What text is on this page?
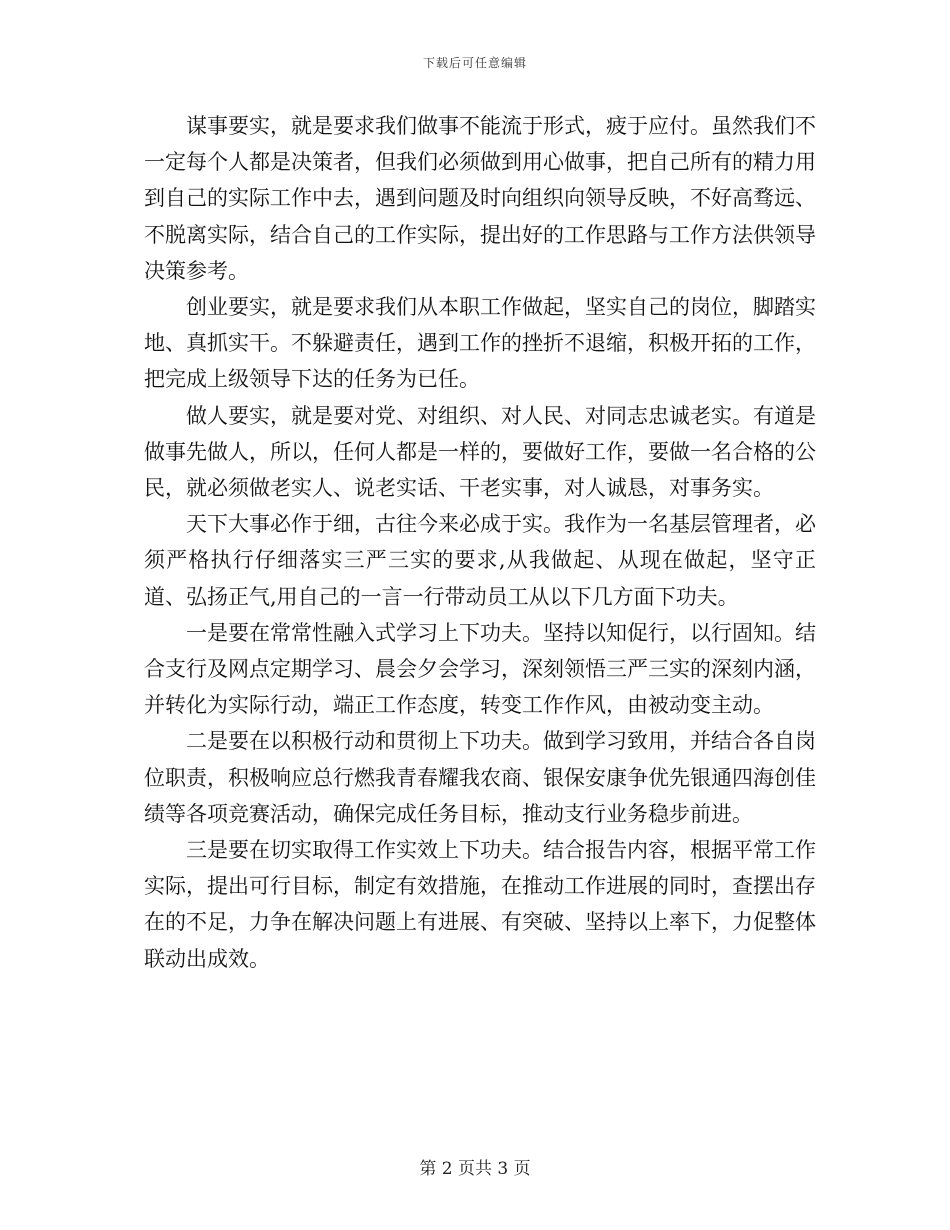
下载后可任意编辑

谋事要实，就是要求我们做事不能流于形式，疲于应付。虽然我们不一定每个人都是决策者，但我们必须做到用心做事，把自己所有的精力用到自己的实际工作中去，遇到问题及时向组织向领导反映，不好高骛远、不脱离实际，结合自己的工作实际，提出好的工作思路与工作方法供领导决策参考。

创业要实，就是要求我们从本职工作做起，坚实自己的岗位，脚踏实地、真抓实干。不躲避责任，遇到工作的挫折不退缩，积极开拓的工作，把完成上级领导下达的任务为已任。

做人要实，就是要对党、对组织、对人民、对同志忠诚老实。有道是做事先做人，所以，任何人都是一样的，要做好工作，要做一名合格的公民，就必须做老实人、说老实话、干老实事，对人诚恳，对事务实。

天下大事必作于细，古往今来必成于实。我作为一名基层管理者，必须严格执行仔细落实三严三实的要求,从我做起、从现在做起，坚守正道、弘扬正气,用自己的一言一行带动员工从以下几方面下功夫。

一是要在常常性融入式学习上下功夫。坚持以知促行，以行固知。结合支行及网点定期学习、晨会夕会学习，深刻领悟三严三实的深刻内涵，并转化为实际行动，端正工作态度，转变工作作风，由被动变主动。

二是要在以积极行动和贯彻上下功夫。做到学习致用，并结合各自岗位职责，积极响应总行燃我青春耀我农商、银保安康争优先银通四海创佳绩等各项竞赛活动，确保完成任务目标，推动支行业务稳步前进。

三是要在切实取得工作实效上下功夫。结合报告内容，根据平常工作实际，提出可行目标，制定有效措施，在推动工作进展的同时，查摆出存在的不足，力争在解决问题上有进展、有突破、坚持以上率下，力促整体联动出成效。

第 2 页共 3 页
